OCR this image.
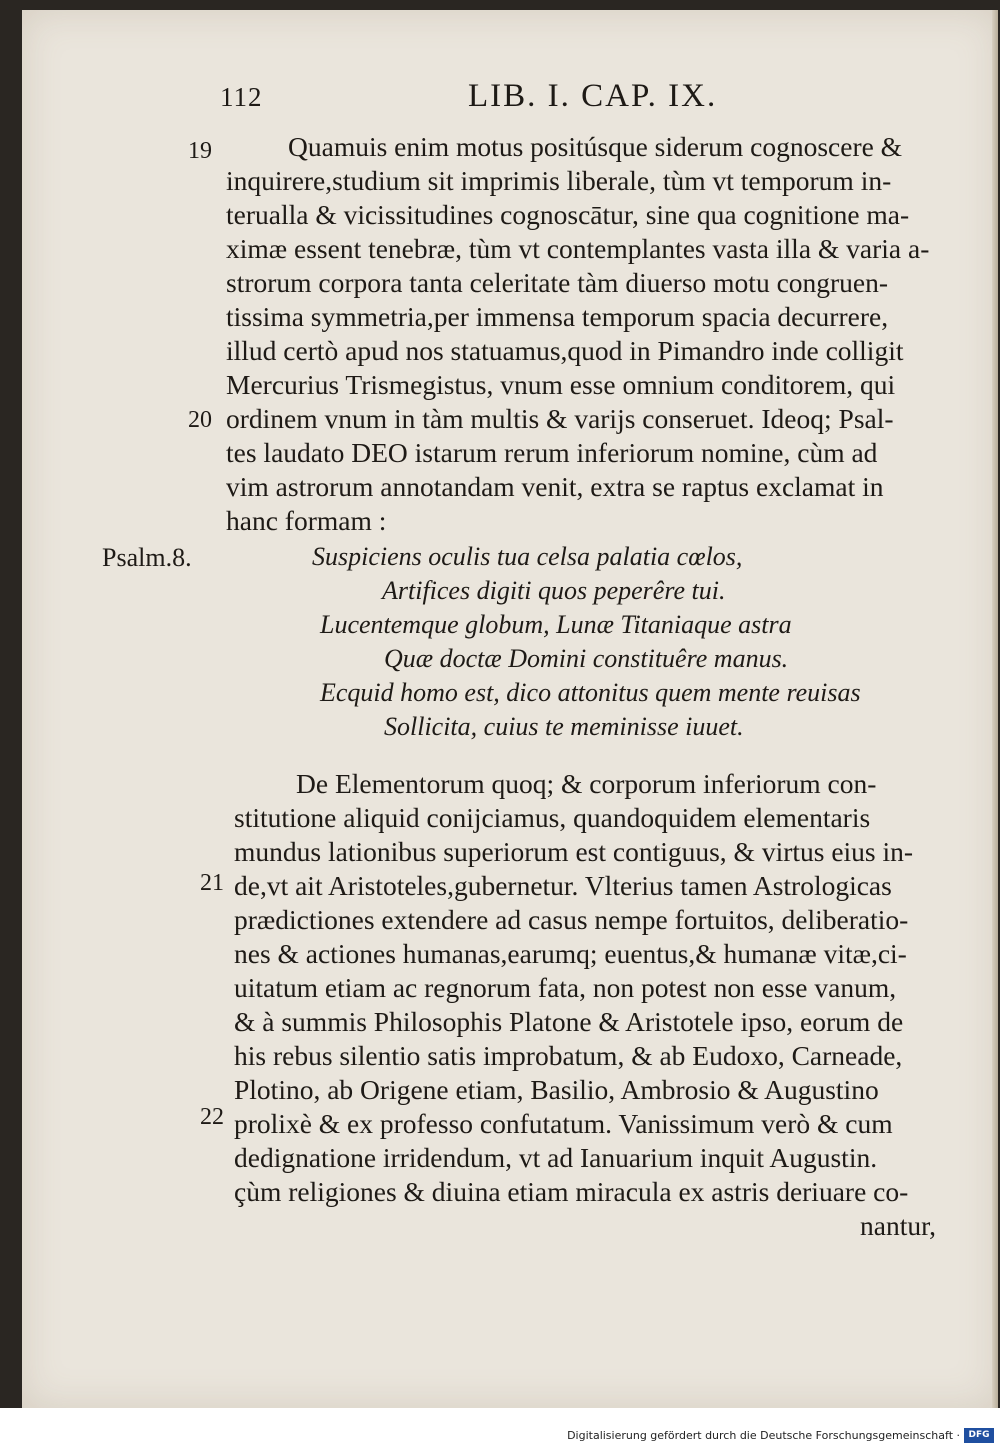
112	LIB. I. CAP. IX.
19
20
21
22
Psalm.8.
Quamuis enim motus positúsque siderum cognoscere &
inquirere,studium sit imprimis liberale, tùm vt temporum in-
terualla & vicissitudines cognoscātur, sine qua cognitione ma-
ximæ essent tenebræ, tùm vt contemplantes vasta illa & varia a-
strorum corpora tanta celeritate tàm diuerso motu congruen-
tissima symmetria,per immensa temporum spacia decurrere,
illud certò apud nos statuamus,quod in Pimandro inde colligit
Mercurius Trismegistus, vnum esse omnium conditorem, qui
ordinem vnum in tàm multis & varijs conseruet. Ideoq; Psal-
tes laudato DEO istarum rerum inferiorum nomine, cùm ad
vim astrorum annotandam venit, extra se raptus exclamat in
hanc formam :
Suspiciens oculis tua celsa palatia cœlos,
Artifices digiti quos peperêre tui.
Lucentemque globum, Lunæ Titaniaque astra
Quæ doctæ Domini constituêre manus.
Ecquid homo est, dico attonitus quem mente reuisas
Sollicita, cuius te meminisse iuuet.
De Elementorum quoq; & corporum inferiorum con-
stitutione aliquid conijciamus, quandoquidem elementaris
mundus lationibus superiorum est contiguus, & virtus eius in-
de,vt ait Aristoteles,gubernetur. Vlterius tamen Astrologicas
prædictiones extendere ad casus nempe fortuitos, deliberatio-
nes & actiones humanas,earumq; euentus,& humanæ vitæ,ci-
uitatum etiam ac regnorum fata, non potest non esse vanum,
& à summis Philosophis Platone & Aristotele ipso, eorum de
his rebus silentio satis improbatum, & ab Eudoxo, Carneade,
Plotino, ab Origene etiam, Basilio, Ambrosio & Augustino
prolixè & ex professo confutatum. Vanissimum verò & cum
dedignatione irridendum, vt ad Ianuarium inquit Augustin.
çùm religiones & diuina etiam miracula ex astris deriuare co-
nantur,
Digitalisierung gefördert durch die Deutsche Forschungsgemeinschaft · DFG
